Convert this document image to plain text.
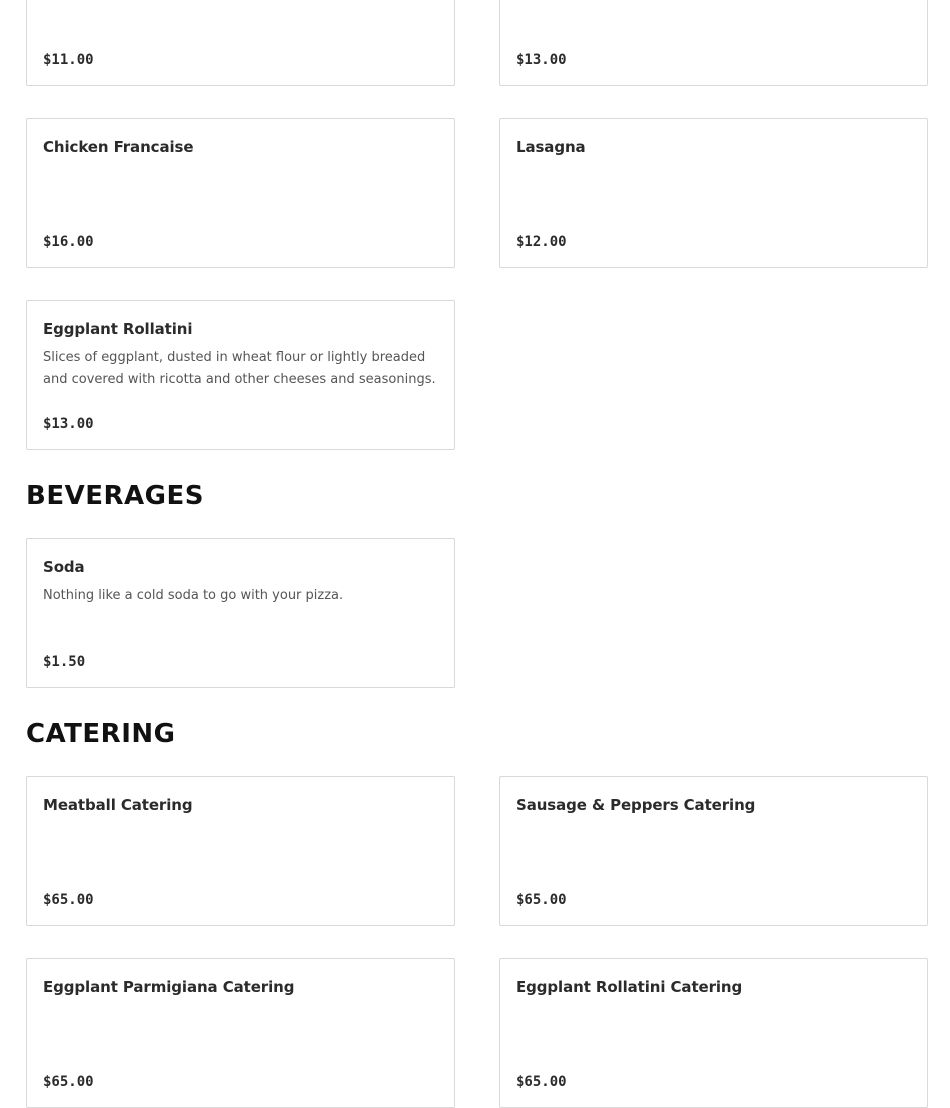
$11.00	$13.00
Chicken Francaise
$16.00
Lasagna
$12.00
Eggplant Rollatini

Slices of eggplant, dusted in wheat flour or lightly breaded and covered with ricotta and other cheeses and seasonings.

$13.00
BEVERAGES
Soda

Nothing like a cold soda to go with your pizza.

$1.50
CATERING
Meatball Catering
$65.00
Sausage & Peppers Catering
$65.00
Eggplant Parmigiana Catering
$65.00
Eggplant Rollatini Catering
$65.00
